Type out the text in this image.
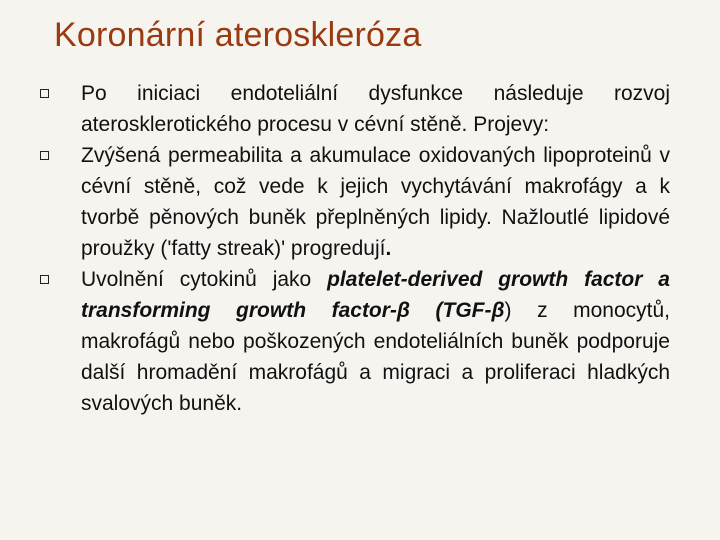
Koronární ateroskleróza
Po iniciaci endoteliální dysfunkce následuje rozvoj aterosklerotického procesu v cévní stěně. Projevy:
Zvýšená permeabilita a akumulace oxidovaných lipoproteinů v cévní stěně, což vede k jejich vychytávání makrofágy a k tvorbě pěnových buněk přeplněných lipidy. Nažloutlé lipidové proužky ('fatty streak)' progredují.
Uvolnění cytokinů jako platelet-derived growth factor a transforming growth factor-β (TGF-β) z monocytů, makrofágů nebo poškozených endoteliálních buněk podporuje další hromadění makrofágů a migraci a proliferaci hladkých svalových buněk.
